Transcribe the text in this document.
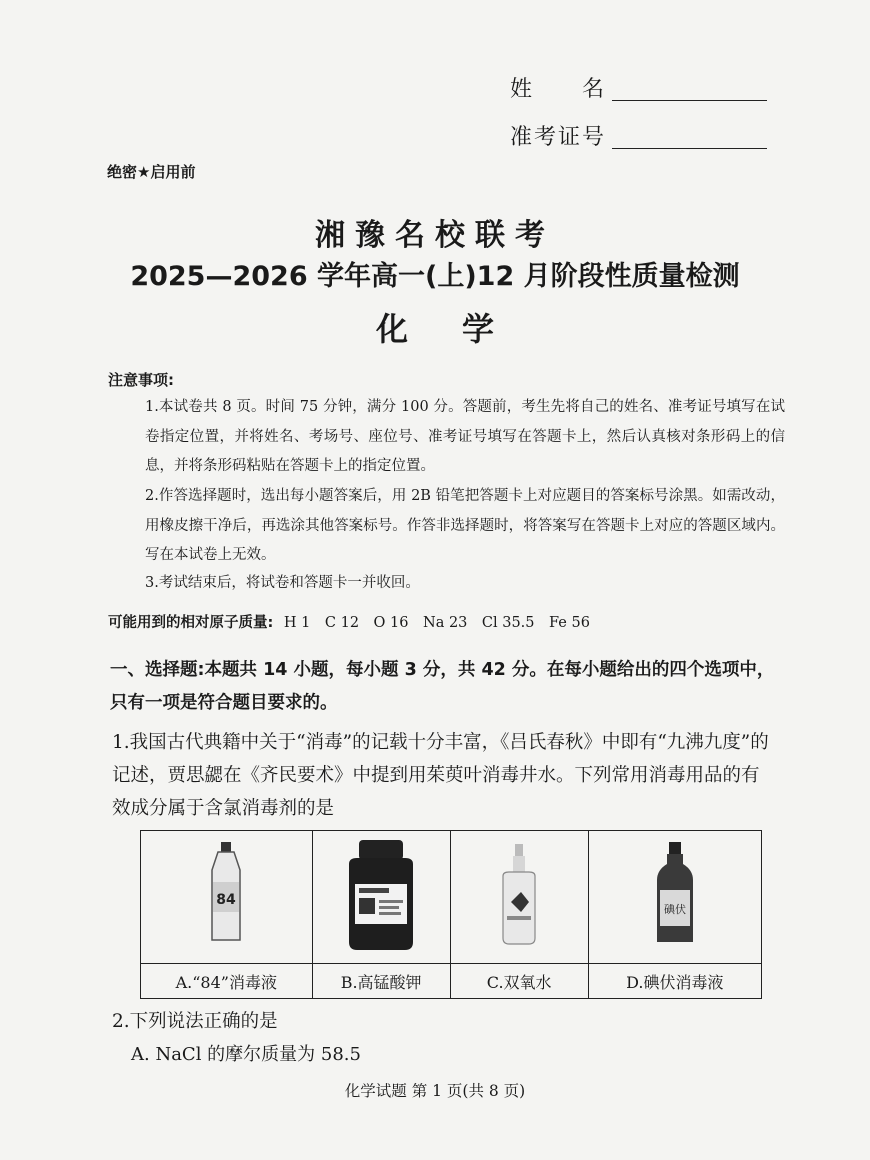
姓　　名
准考证号
绝密★启用前
湘豫名校联考
2025—2026 学年高一(上)12 月阶段性质量检测
化学
注意事项:
1.本试卷共 8 页。时间 75 分钟，满分 100 分。答题前，考生先将自己的姓名、准考证号填写在试卷指定位置，并将姓名、考场号、座位号、准考证号填写在答题卡上，然后认真核对条形码上的信息，并将条形码粘贴在答题卡上的指定位置。
2.作答选择题时，选出每小题答案后，用 2B 铅笔把答题卡上对应题目的答案标号涂黑。如需改动，用橡皮擦干净后，再选涂其他答案标号。作答非选择题时，将答案写在答题卡上对应的答题区域内。写在本试卷上无效。
3.考试结束后，将试卷和答题卡一并收回。
可能用到的相对原子质量: H 1　C 12　O 16　Na 23　Cl 35.5　Fe 56
一、选择题:本题共 14 小题，每小题 3 分，共 42 分。在每小题给出的四个选项中，只有一项是符合题目要求的。
1.我国古代典籍中关于“消毒”的记载十分丰富，《吕氏春秋》中即有“九沸九度”的记述，贾思勰在《齐民要术》中提到用茱萸叶消毒井水。下列常用消毒用品的有效成分属于含氯消毒剂的是
84			碘伏

A.“84”消毒液	B.高锰酸钾	C.双氧水	D.碘伏消毒液
2.下列说法正确的是
A. NaCl 的摩尔质量为 58.5
化学试题 第 1 页(共 8 页)
